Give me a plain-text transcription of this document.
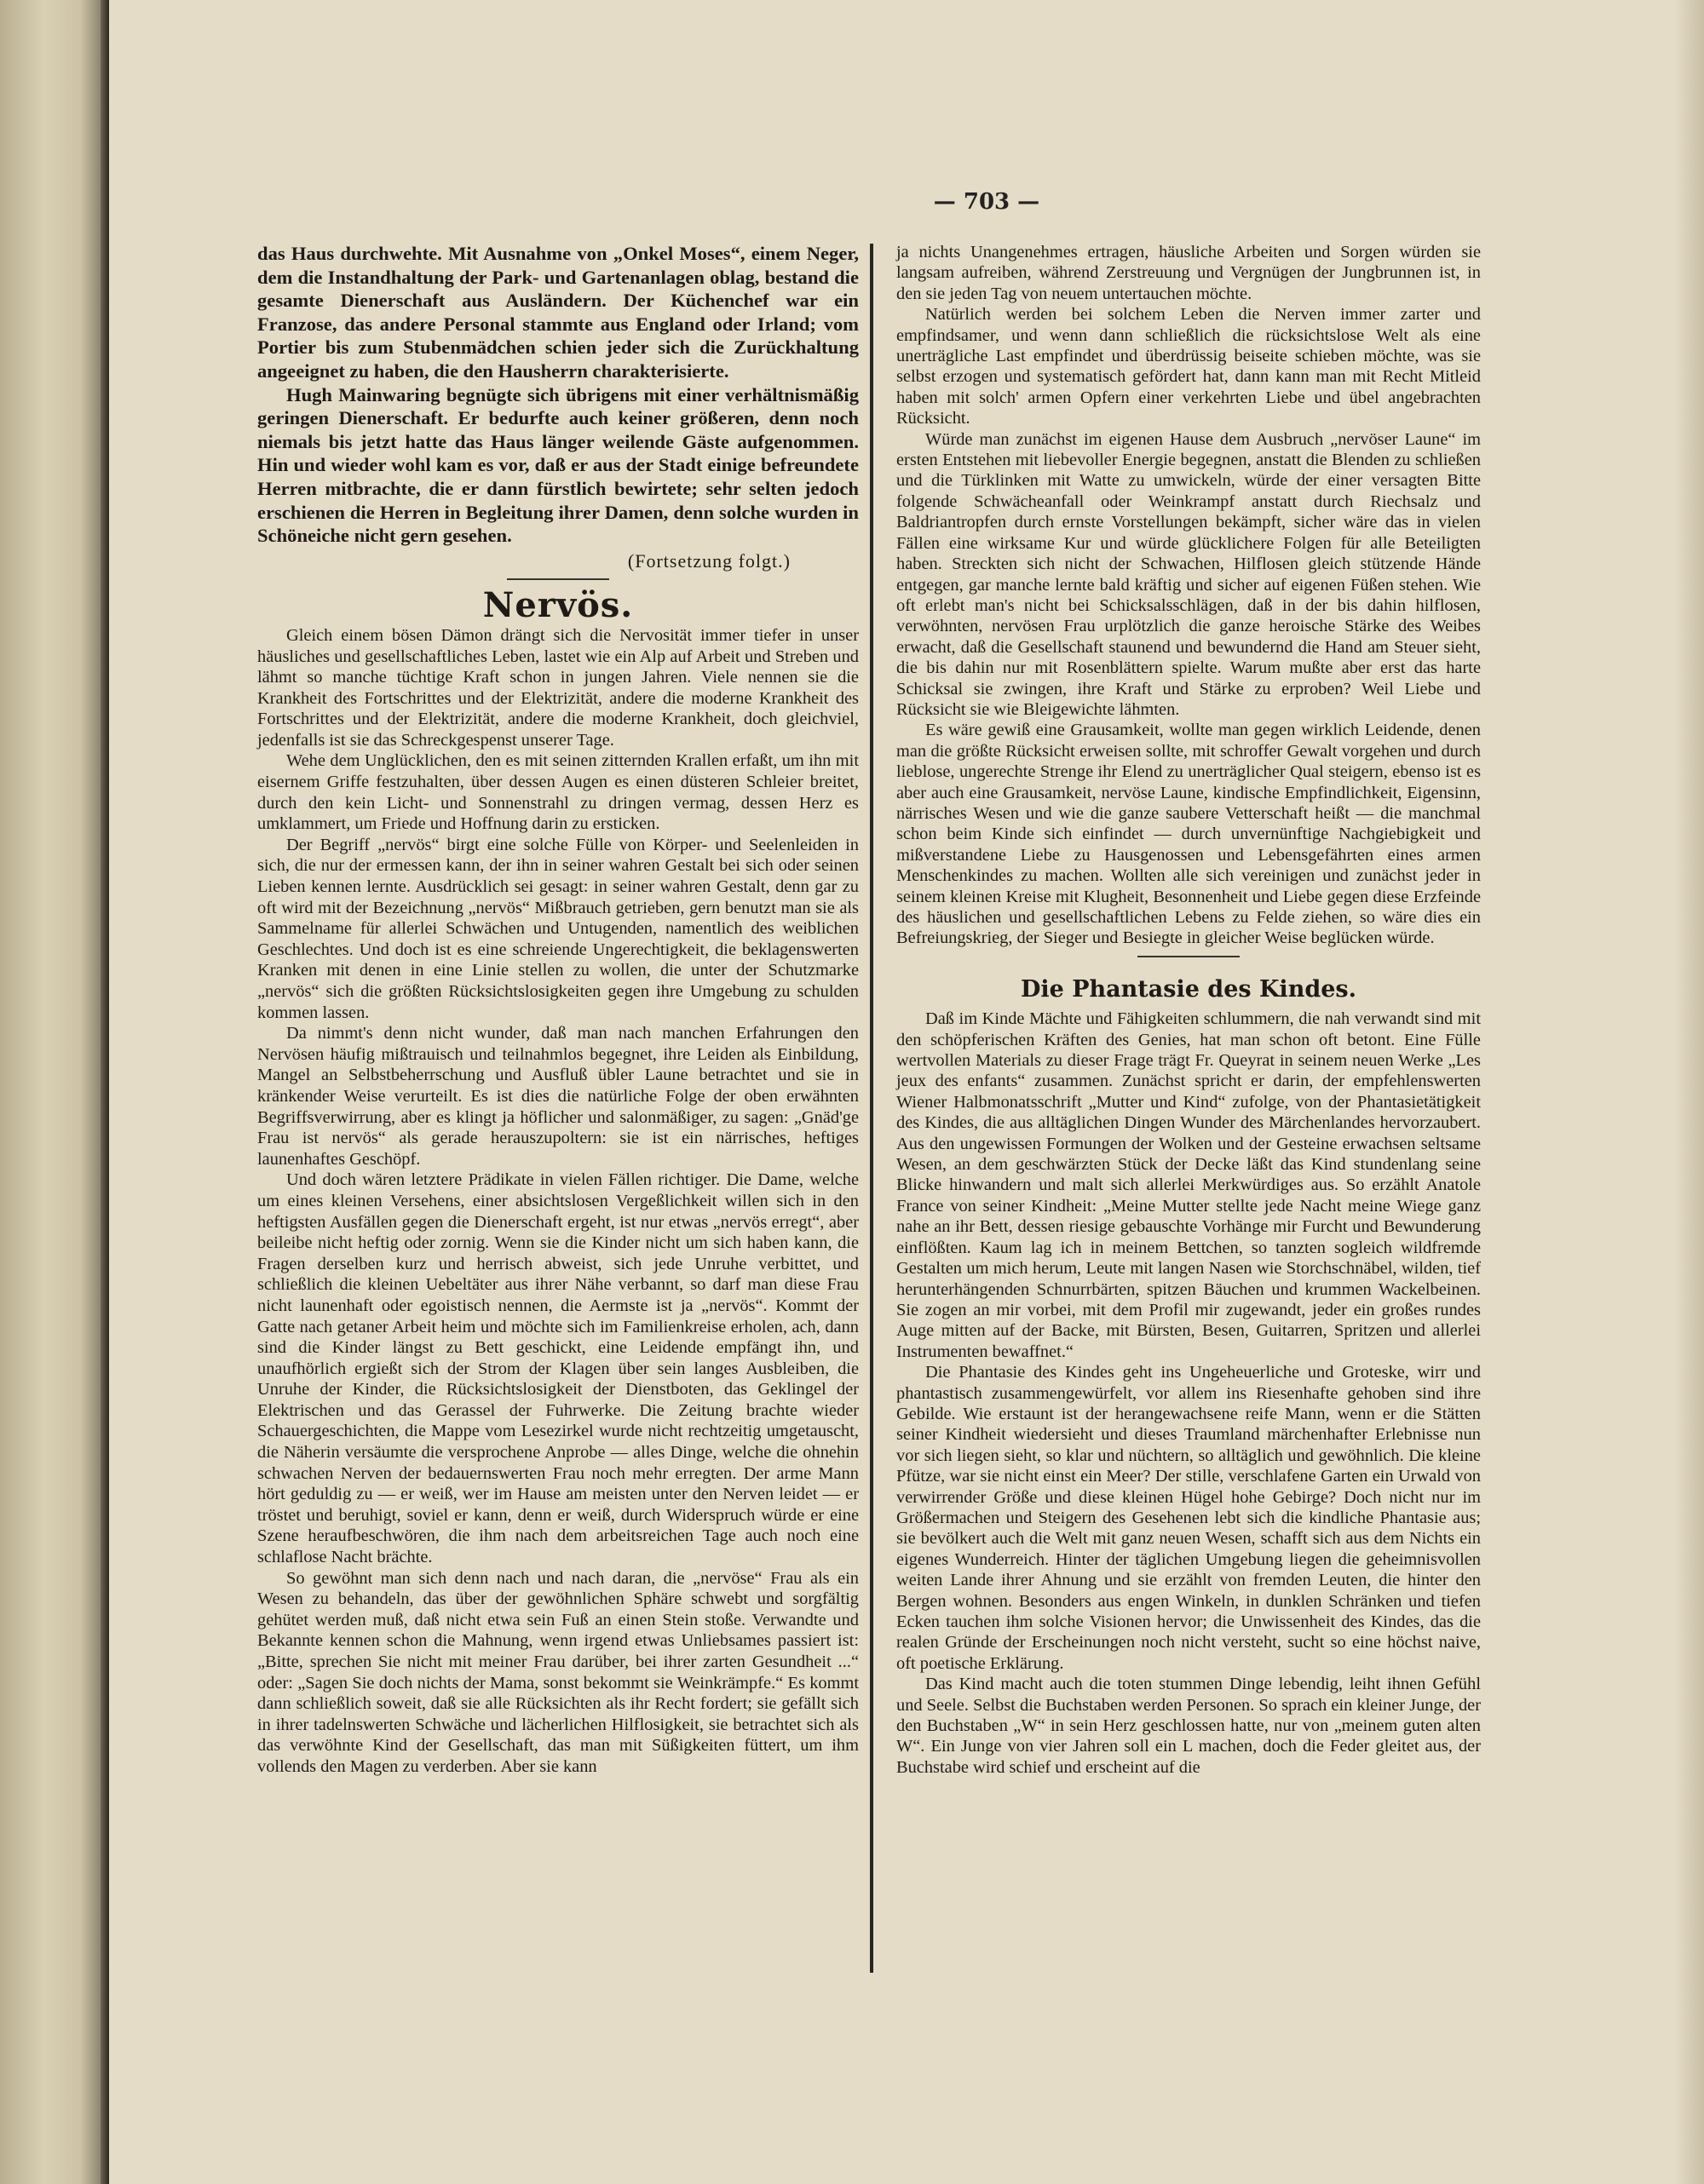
— 703 —

das Haus durchwehte. Mit Ausnahme von „Onkel Moses“, einem Neger, dem die Instandhaltung der Park- und Gartenanlagen oblag, bestand die gesamte Dienerschaft aus Ausländern. Der Küchenchef war ein Franzose, das andere Personal stammte aus England oder Irland; vom Portier bis zum Stubenmädchen schien jeder sich die Zurückhaltung angeeignet zu haben, die den Hausherrn charakterisierte.

Hugh Mainwaring begnügte sich übrigens mit einer verhältnismäßig geringen Dienerschaft. Er bedurfte auch keiner größeren, denn noch niemals bis jetzt hatte das Haus länger weilende Gäste aufgenommen. Hin und wieder wohl kam es vor, daß er aus der Stadt einige befreundete Herren mitbrachte, die er dann fürstlich bewirtete; sehr selten jedoch erschienen die Herren in Begleitung ihrer Damen, denn solche wurden in Schöneiche nicht gern gesehen.

(Fortsetzung folgt.)
Nervös.

Gleich einem bösen Dämon drängt sich die Nervosität immer tiefer in unser häusliches und gesellschaftliches Leben, lastet wie ein Alp auf Arbeit und Streben und lähmt so manche tüchtige Kraft schon in jungen Jahren. Viele nennen sie die Krankheit des Fortschrittes und der Elektrizität, andere die moderne Krankheit des Fortschrittes und der Elektrizität, andere die moderne Krankheit, doch gleichviel, jedenfalls ist sie das Schreckgespenst unserer Tage.

Wehe dem Unglücklichen, den es mit seinen zitternden Krallen erfaßt, um ihn mit eisernem Griffe festzuhalten, über dessen Augen es einen düsteren Schleier breitet, durch den kein Licht- und Sonnenstrahl zu dringen vermag, dessen Herz es umklammert, um Friede und Hoffnung darin zu ersticken.

Der Begriff „nervös“ birgt eine solche Fülle von Körper- und Seelenleiden in sich, die nur der ermessen kann, der ihn in seiner wahren Gestalt bei sich oder seinen Lieben kennen lernte. Ausdrücklich sei gesagt: in seiner wahren Gestalt, denn gar zu oft wird mit der Bezeichnung „nervös“ Mißbrauch getrieben, gern benutzt man sie als Sammelname für allerlei Schwächen und Untugenden, namentlich des weiblichen Geschlechtes. Und doch ist es eine schreiende Ungerechtigkeit, die beklagenswerten Kranken mit denen in eine Linie stellen zu wollen, die unter der Schutzmarke „nervös“ sich die größten Rücksichtslosigkeiten gegen ihre Umgebung zu schulden kommen lassen.

Da nimmt's denn nicht wunder, daß man nach manchen Erfahrungen den Nervösen häufig mißtrauisch und teilnahmlos begegnet, ihre Leiden als Einbildung, Mangel an Selbstbeherrschung und Ausfluß übler Laune betrachtet und sie in kränkender Weise verurteilt. Es ist dies die natürliche Folge der oben erwähnten Begriffsverwirrung, aber es klingt ja höflicher und salonmäßiger, zu sagen: „Gnäd'ge Frau ist nervös“ als gerade herauszupoltern: sie ist ein närrisches, heftiges launenhaftes Geschöpf.

Und doch wären letztere Prädikate in vielen Fällen richtiger. Die Dame, welche um eines kleinen Versehens, einer absichtslosen Vergeßlichkeit willen sich in den heftigsten Ausfällen gegen die Dienerschaft ergeht, ist nur etwas „nervös erregt“, aber beileibe nicht heftig oder zornig. Wenn sie die Kinder nicht um sich haben kann, die Fragen derselben kurz und herrisch abweist, sich jede Unruhe verbittet, und schließlich die kleinen Uebeltäter aus ihrer Nähe verbannt, so darf man diese Frau nicht launenhaft oder egoistisch nennen, die Aermste ist ja „nervös“. Kommt der Gatte nach getaner Arbeit heim und möchte sich im Familienkreise erholen, ach, dann sind die Kinder längst zu Bett geschickt, eine Leidende empfängt ihn, und unaufhörlich ergießt sich der Strom der Klagen über sein langes Ausbleiben, die Unruhe der Kinder, die Rücksichtslosigkeit der Dienstboten, das Geklingel der Elektrischen und das Gerassel der Fuhrwerke. Die Zeitung brachte wieder Schauergeschichten, die Mappe vom Lesezirkel wurde nicht rechtzeitig umgetauscht, die Näherin versäumte die versprochene Anprobe — alles Dinge, welche die ohnehin schwachen Nerven der bedauernswerten Frau noch mehr erregten. Der arme Mann hört geduldig zu — er weiß, wer im Hause am meisten unter den Nerven leidet — er tröstet und beruhigt, soviel er kann, denn er weiß, durch Widerspruch würde er eine Szene heraufbeschwören, die ihm nach dem arbeitsreichen Tage auch noch eine schlaflose Nacht brächte.

So gewöhnt man sich denn nach und nach daran, die „nervöse“ Frau als ein Wesen zu behandeln, das über der gewöhnlichen Sphäre schwebt und sorgfältig gehütet werden muß, daß nicht etwa sein Fuß an einen Stein stoße. Verwandte und Bekannte kennen schon die Mahnung, wenn irgend etwas Unliebsames passiert ist: „Bitte, sprechen Sie nicht mit meiner Frau darüber, bei ihrer zarten Gesundheit ...“ oder: „Sagen Sie doch nichts der Mama, sonst bekommt sie Weinkrämpfe.“ Es kommt dann schließlich soweit, daß sie alle Rücksichten als ihr Recht fordert; sie gefällt sich in ihrer tadelnswerten Schwäche und lächerlichen Hilflosigkeit, sie betrachtet sich als das verwöhnte Kind der Gesellschaft, das man mit Süßigkeiten füttert, um ihm vollends den Magen zu verderben. Aber sie kann

ja nichts Unangenehmes ertragen, häusliche Arbeiten und Sorgen würden sie langsam aufreiben, während Zerstreuung und Vergnügen der Jungbrunnen ist, in den sie jeden Tag von neuem untertauchen möchte.

Natürlich werden bei solchem Leben die Nerven immer zarter und empfindsamer, und wenn dann schließlich die rücksichtslose Welt als eine unerträgliche Last empfindet und überdrüssig beiseite schieben möchte, was sie selbst erzogen und systematisch gefördert hat, dann kann man mit Recht Mitleid haben mit solch' armen Opfern einer verkehrten Liebe und übel angebrachten Rücksicht.

Würde man zunächst im eigenen Hause dem Ausbruch „nervöser Laune“ im ersten Entstehen mit liebevoller Energie begegnen, anstatt die Blenden zu schließen und die Türklinken mit Watte zu umwickeln, würde der einer versagten Bitte folgende Schwächeanfall oder Weinkrampf anstatt durch Riechsalz und Baldriantropfen durch ernste Vorstellungen bekämpft, sicher wäre das in vielen Fällen eine wirksame Kur und würde glücklichere Folgen für alle Beteiligten haben. Streckten sich nicht der Schwachen, Hilflosen gleich stützende Hände entgegen, gar manche lernte bald kräftig und sicher auf eigenen Füßen stehen. Wie oft erlebt man's nicht bei Schicksalsschlägen, daß in der bis dahin hilflosen, verwöhnten, nervösen Frau urplötzlich die ganze heroische Stärke des Weibes erwacht, daß die Gesellschaft staunend und bewundernd die Hand am Steuer sieht, die bis dahin nur mit Rosenblättern spielte. Warum mußte aber erst das harte Schicksal sie zwingen, ihre Kraft und Stärke zu erproben? Weil Liebe und Rücksicht sie wie Bleigewichte lähmten.

Es wäre gewiß eine Grausamkeit, wollte man gegen wirklich Leidende, denen man die größte Rücksicht erweisen sollte, mit schroffer Gewalt vorgehen und durch lieblose, ungerechte Strenge ihr Elend zu unerträglicher Qual steigern, ebenso ist es aber auch eine Grausamkeit, nervöse Laune, kindische Empfindlichkeit, Eigensinn, närrisches Wesen und wie die ganze saubere Vetterschaft heißt — die manchmal schon beim Kinde sich einfindet — durch unvernünftige Nachgiebigkeit und mißverstandene Liebe zu Hausgenossen und Lebensgefährten eines armen Menschenkindes zu machen. Wollten alle sich vereinigen und zunächst jeder in seinem kleinen Kreise mit Klugheit, Besonnenheit und Liebe gegen diese Erzfeinde des häuslichen und gesellschaftlichen Lebens zu Felde ziehen, so wäre dies ein Befreiungskrieg, der Sieger und Besiegte in gleicher Weise beglücken würde.

Die Phantasie des Kindes.

Daß im Kinde Mächte und Fähigkeiten schlummern, die nah verwandt sind mit den schöpferischen Kräften des Genies, hat man schon oft betont. Eine Fülle wertvollen Materials zu dieser Frage trägt Fr. Queyrat in seinem neuen Werke „Les jeux des enfants“ zusammen. Zunächst spricht er darin, der empfehlenswerten Wiener Halbmonatsschrift „Mutter und Kind“ zufolge, von der Phantasietätigkeit des Kindes, die aus alltäglichen Dingen Wunder des Märchenlandes hervorzaubert. Aus den ungewissen Formungen der Wolken und der Gesteine erwachsen seltsame Wesen, an dem geschwärzten Stück der Decke läßt das Kind stundenlang seine Blicke hinwandern und malt sich allerlei Merkwürdiges aus. So erzählt Anatole France von seiner Kindheit: „Meine Mutter stellte jede Nacht meine Wiege ganz nahe an ihr Bett, dessen riesige gebauschte Vorhänge mir Furcht und Bewunderung einflößten. Kaum lag ich in meinem Bettchen, so tanzten sogleich wildfremde Gestalten um mich herum, Leute mit langen Nasen wie Storchschnäbel, wilden, tief herunterhängenden Schnurrbärten, spitzen Bäuchen und krummen Wackelbeinen. Sie zogen an mir vorbei, mit dem Profil mir zugewandt, jeder ein großes rundes Auge mitten auf der Backe, mit Bürsten, Besen, Guitarren, Spritzen und allerlei Instrumenten bewaffnet.“

Die Phantasie des Kindes geht ins Ungeheuerliche und Groteske, wirr und phantastisch zusammengewürfelt, vor allem ins Riesenhafte gehoben sind ihre Gebilde. Wie erstaunt ist der herangewachsene reife Mann, wenn er die Stätten seiner Kindheit wiedersieht und dieses Traumland märchenhafter Erlebnisse nun vor sich liegen sieht, so klar und nüchtern, so alltäglich und gewöhnlich. Die kleine Pfütze, war sie nicht einst ein Meer? Der stille, verschlafene Garten ein Urwald von verwirrender Größe und diese kleinen Hügel hohe Gebirge? Doch nicht nur im Größermachen und Steigern des Gesehenen lebt sich die kindliche Phantasie aus; sie bevölkert auch die Welt mit ganz neuen Wesen, schafft sich aus dem Nichts ein eigenes Wunderreich. Hinter der täglichen Umgebung liegen die geheimnisvollen weiten Lande ihrer Ahnung und sie erzählt von fremden Leuten, die hinter den Bergen wohnen. Besonders aus engen Winkeln, in dunklen Schränken und tiefen Ecken tauchen ihm solche Visionen hervor; die Unwissenheit des Kindes, das die realen Gründe der Erscheinungen noch nicht versteht, sucht so eine höchst naive, oft poetische Erklärung.

Das Kind macht auch die toten stummen Dinge lebendig, leiht ihnen Gefühl und Seele. Selbst die Buchstaben werden Personen. So sprach ein kleiner Junge, der den Buchstaben „W“ in sein Herz geschlossen hatte, nur von „meinem guten alten W“. Ein Junge von vier Jahren soll ein L machen, doch die Feder gleitet aus, der Buchstabe wird schief und erscheint auf die
